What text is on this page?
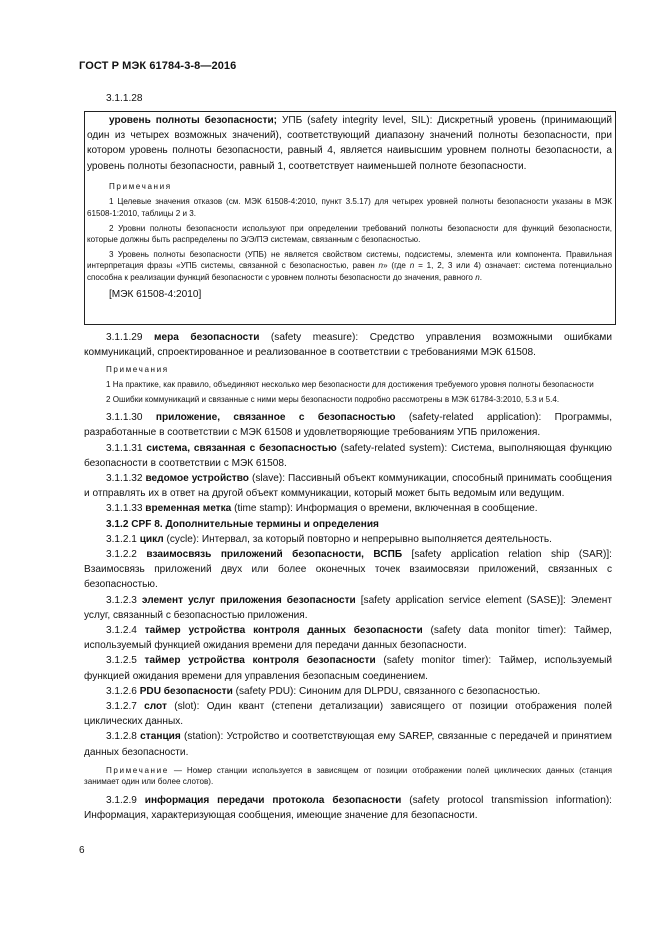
ГОСТ Р МЭК 61784-3-8—2016

3.1.1.28

уровень полноты безопасности; УПБ (safety integrity level, SIL): Дискретный уровень (принимающий один из четырех возможных значений), соответствующий диапазону значений полноты безопасности, при котором уровень полноты безопасности, равный 4, является наивысшим уровнем полноты безопасности, а уровень полноты безопасности, равный 1, соответствует наименьшей полноте безопасности.

Примечания

1 Целевые значения отказов (см. МЭК 61508-4:2010, пункт 3.5.17) для четырех уровней полноты безопасности указаны в МЭК 61508-1:2010, таблицы 2 и 3.

2 Уровни полноты безопасности используют при определении требований полноты безопасности для функций безопасности, которые должны быть распределены по Э/Э/ПЭ системам, связанным с безопасностью.

3 Уровень полноты безопасности (УПБ) не является свойством системы, подсистемы, элемента или компонента. Правильная интерпретация фразы «УПБ системы, связанной с безопасностью, равен n» (где n = 1, 2, 3 или 4) означает: система потенциально способна к реализации функций безопасности с уровнем полноты безопасности до значения, равного n.

[МЭК 61508-4:2010]

3.1.1.29 мера безопасности (safety measure): Средство управления возможными ошибками коммуникаций, спроектированное и реализованное в соответствии с требованиями МЭК 61508.

Примечания

1 На практике, как правило, объединяют несколько мер безопасности для достижения требуемого уровня полноты безопасности

2 Ошибки коммуникаций и связанные с ними меры безопасности подробно рассмотрены в МЭК 61784-3:2010, 5.3 и 5.4.

3.1.1.30 приложение, связанное с безопасностью (safety-related application): Программы, разработанные в соответствии с МЭК 61508 и удовлетворяющие требованиям УПБ приложения.

3.1.1.31 система, связанная с безопасностью (safety-related system): Система, выполняющая функцию безопасности в соответствии с МЭК 61508.

3.1.1.32 ведомое устройство (slave): Пассивный объект коммуникации, способный принимать сообщения и отправлять их в ответ на другой объект коммуникации, который может быть ведомым или ведущим.

3.1.1.33 временная метка (time stamp): Информация о времени, включенная в сообщение.

3.1.2 CPF 8. Дополнительные термины и определения

3.1.2.1 цикл (cycle): Интервал, за который повторно и непрерывно выполняется деятельность.

3.1.2.2 взаимосвязь приложений безопасности, ВСПБ [safety application relation ship (SAR)]: Взаимосвязь приложений двух или более оконечных точек взаимосвязи приложений, связанных с безопасностью.

3.1.2.3 элемент услуг приложения безопасности [safety application service element (SASE)]: Элемент услуг, связанный с безопасностью приложения.

3.1.2.4 таймер устройства контроля данных безопасности (safety data monitor timer): Таймер, используемый функцией ожидания времени для передачи данных безопасности.

3.1.2.5 таймер устройства контроля безопасности (safety monitor timer): Таймер, используемый функцией ожидания времени для управления безопасным соединением.

3.1.2.6 PDU безопасности (safety PDU): Синоним для DLPDU, связанного с безопасностью.

3.1.2.7 слот (slot): Один квант (степени детализации) зависящего от позиции отображения полей циклических данных.

3.1.2.8 станция (station): Устройство и соответствующая ему SAREP, связанные с передачей и принятием данных безопасности.

Примечание — Номер станции используется в зависящем от позиции отображении полей циклических данных (станция занимает один или более слотов).

3.1.2.9 информация передачи протокола безопасности (safety protocol transmission information): Информация, характеризующая сообщения, имеющие значение для безопасности.

6
